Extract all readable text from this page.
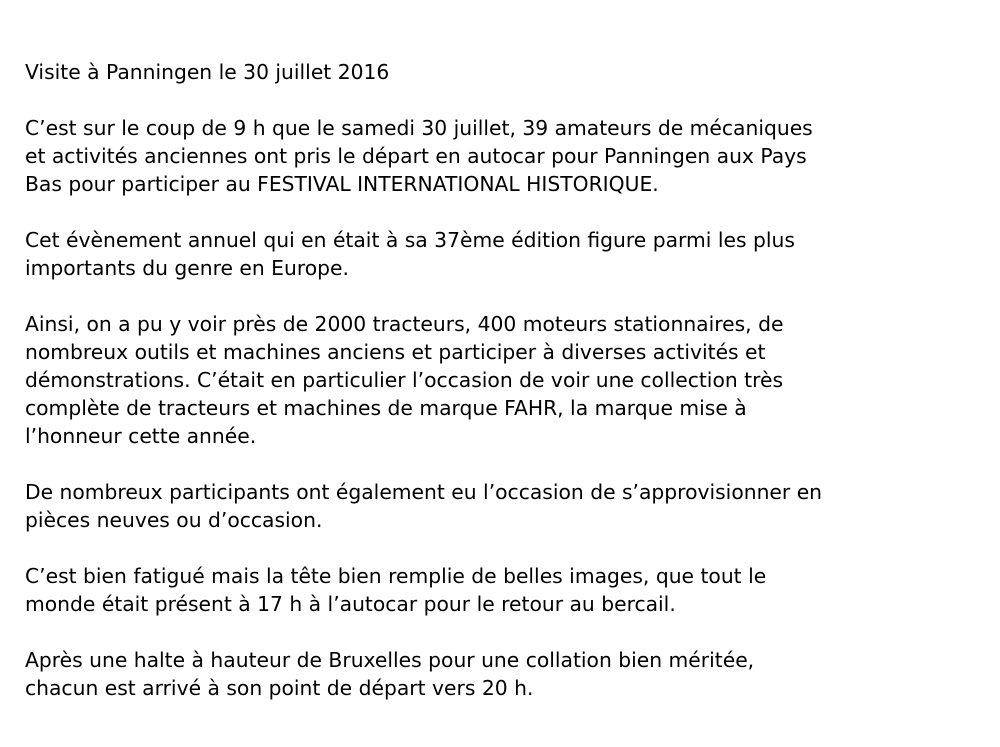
Visite à Panningen le 30 juillet 2016

C’est sur le coup de 9 h que le samedi 30 juillet, 39 amateurs de mécaniques
et activités anciennes ont pris le départ en autocar pour Panningen aux Pays
Bas pour participer au FESTIVAL INTERNATIONAL HISTORIQUE.

Cet évènement annuel qui en était à sa 37ème édition figure parmi les plus
importants du genre en Europe.

Ainsi, on a pu y voir près de 2000 tracteurs, 400 moteurs stationnaires, de
nombreux outils et machines anciens et participer à diverses activités et
démonstrations. C’était en particulier l’occasion de voir une collection très
complète de tracteurs et machines de marque FAHR, la marque mise à
l’honneur cette année.

De nombreux participants ont également eu l’occasion de s’approvisionner en
pièces neuves ou d’occasion.

C’est bien fatigué mais la tête bien remplie de belles images, que tout le
monde était présent à 17 h à l’autocar pour le retour au bercail.

Après une halte à hauteur de Bruxelles pour une collation bien méritée,
chacun est arrivé à son point de départ vers 20 h.
